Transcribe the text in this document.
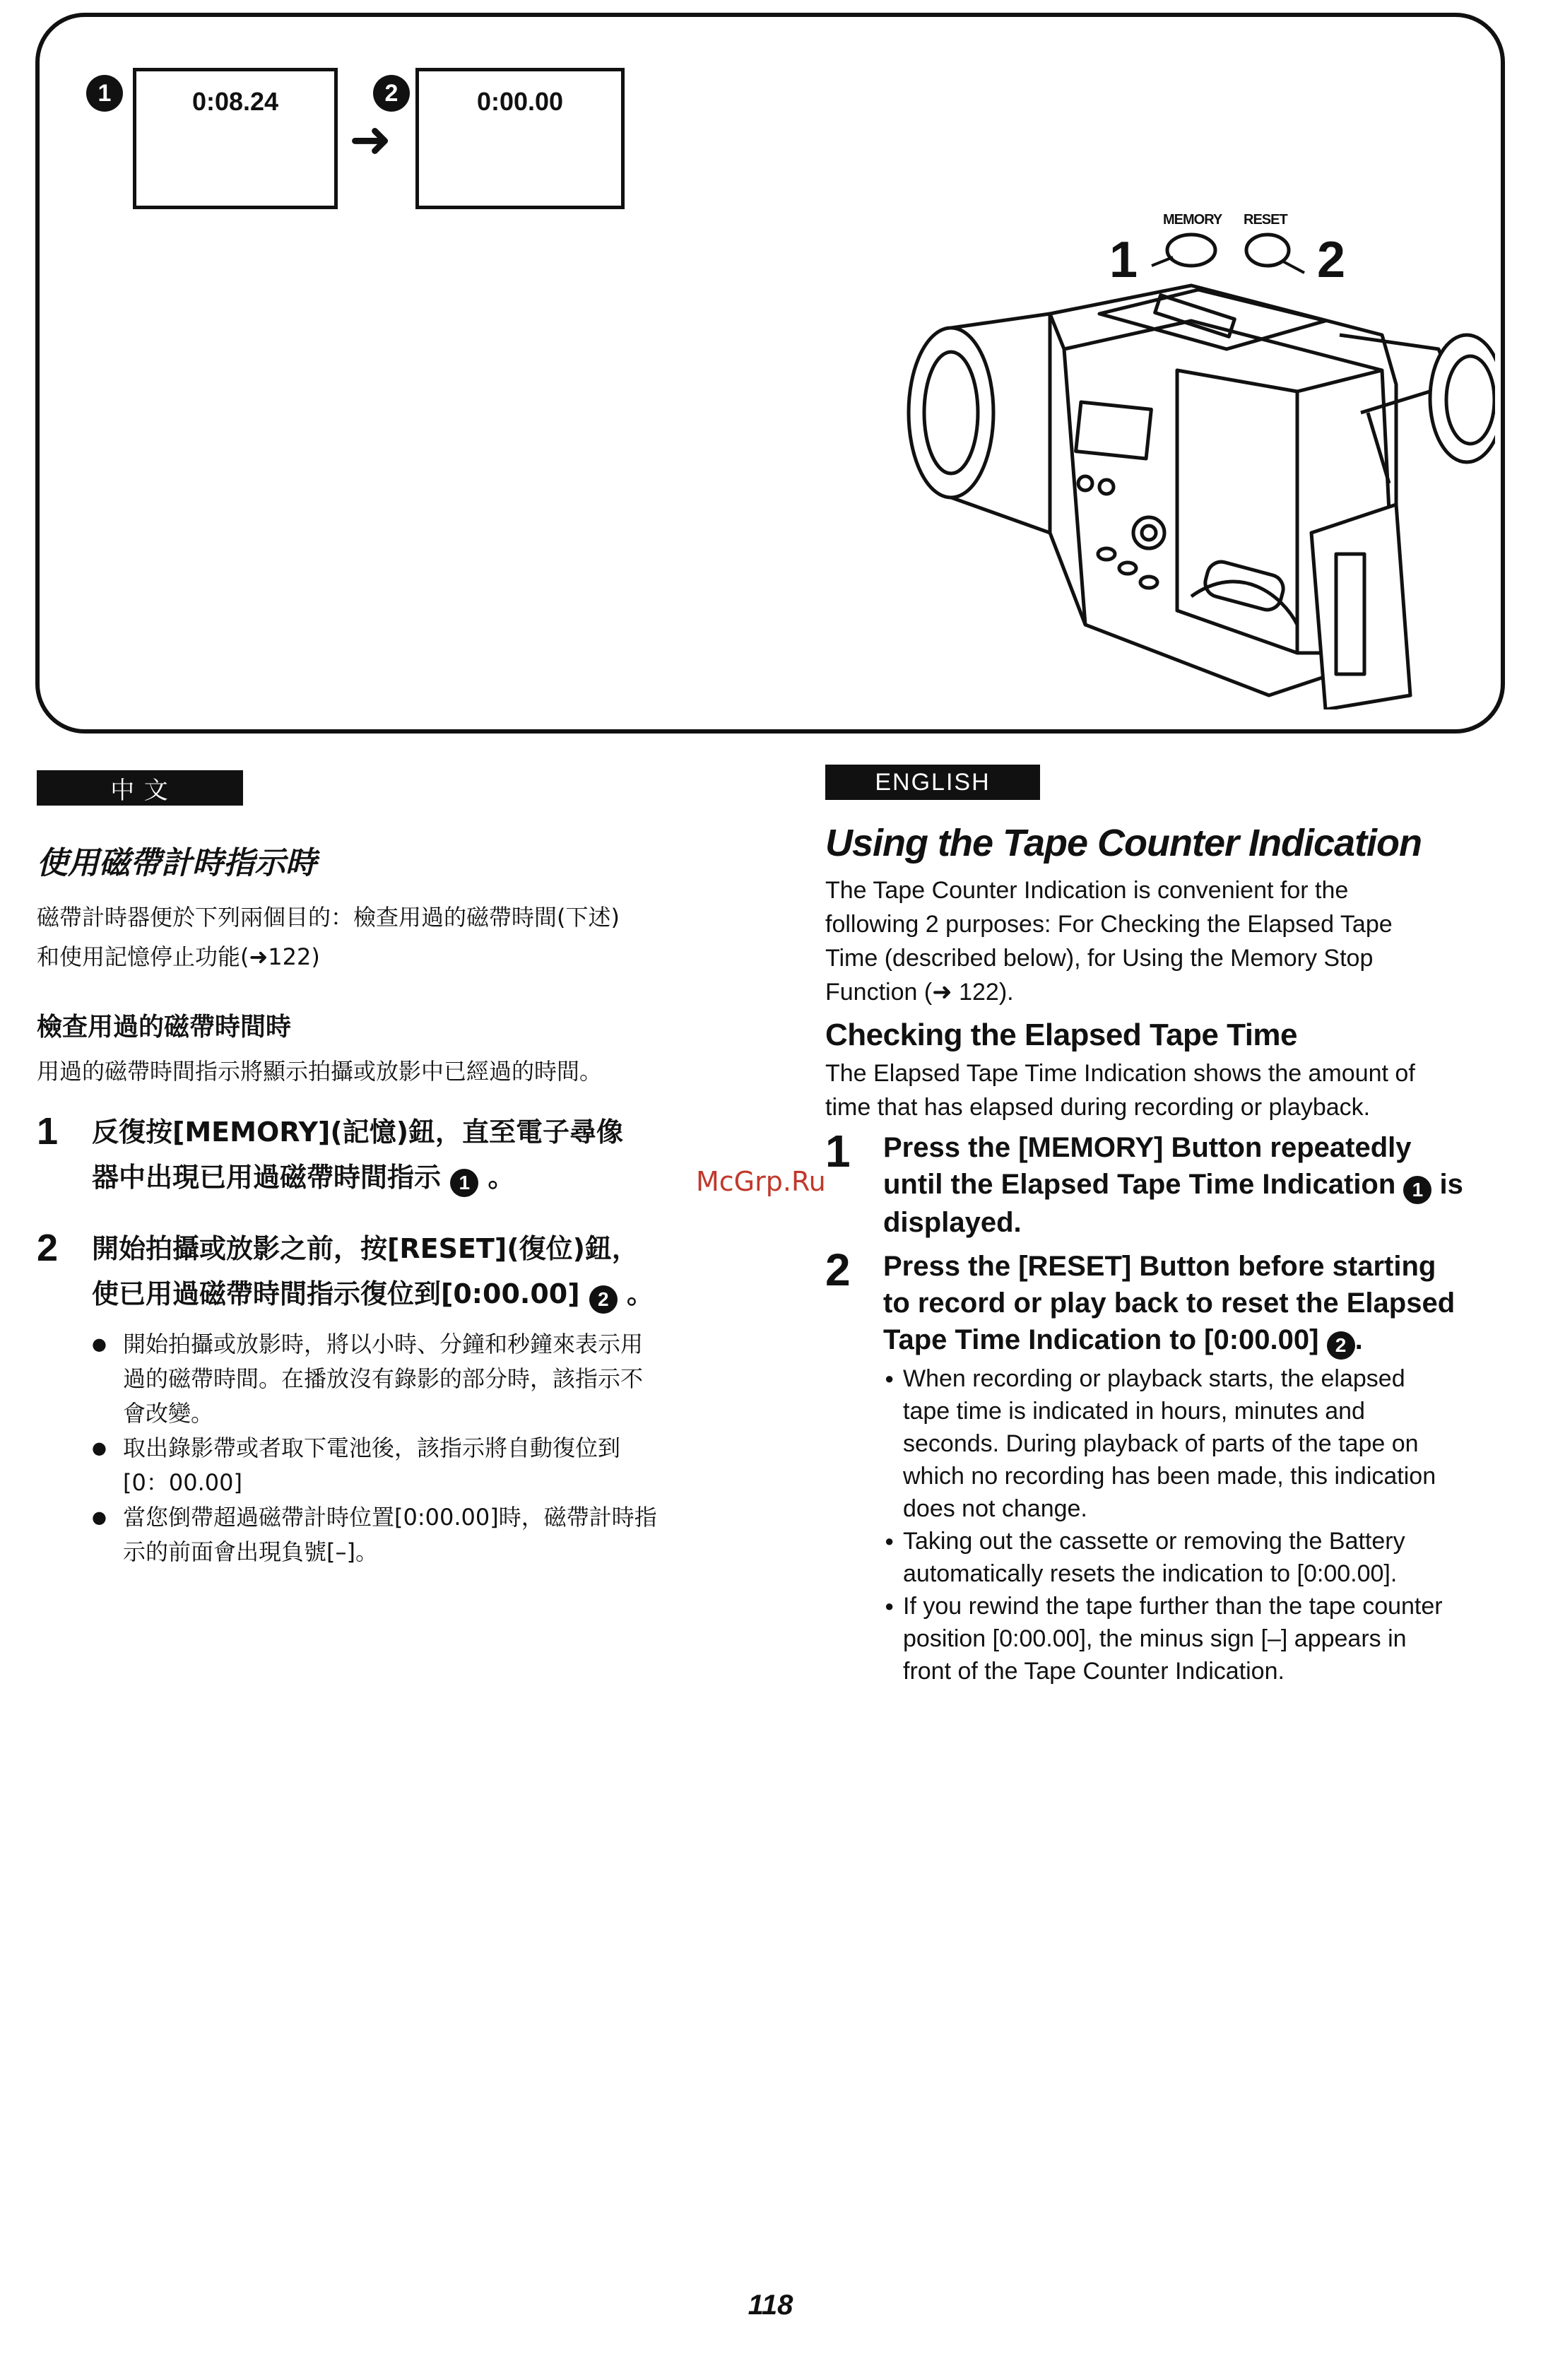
1	0:08.24
➜
2	0:00.00
MEMORY RESET
1	2
中 文	ENGLISH
使用磁帶計時指示時
磁帶計時器便於下列兩個目的：檢查用過的磁帶時間(下述)
和使用記憶停止功能(➜122)
檢查用過的磁帶時間時
用過的磁帶時間指示將顯示拍攝或放影中已經過的時間。
1 反復按[MEMORY](記憶)鈕，直至電子尋像
器中出現已用過磁帶時間指示 1 。
2 開始拍攝或放影之前，按[RESET](復位)鈕，
使已用過磁帶時間指示復位到[0:00.00] 2 。
● 開始拍攝或放影時，將以小時、分鐘和秒鐘來表示用
過的磁帶時間。在播放沒有錄影的部分時，該指示不
會改變。
● 取出錄影帶或者取下電池後，該指示將自動復位到
[0：00.00]
● 當您倒帶超過磁帶計時位置[0:00.00]時，磁帶計時指
示的前面會出現負號[–]。
Using the Tape Counter Indication
The Tape Counter Indication is convenient for the
following 2 purposes: For Checking the Elapsed Tape
Time (described below), for Using the Memory Stop
Function (➜ 122).
Checking the Elapsed Tape Time
The Elapsed Tape Time Indication shows the amount of
time that has elapsed during recording or playback.
1 Press the [MEMORY] Button repeatedly
until the Elapsed Tape Time Indication 1 is
displayed.
2 Press the [RESET] Button before starting
to record or play back to reset the Elapsed
Tape Time Indication to [0:00.00] 2 .
● When recording or playback starts, the elapsed
tape time is indicated in hours, minutes and
seconds. During playback of parts of the tape on
which no recording has been made, this indication
does not change.
● Taking out the cassette or removing the Battery
automatically resets the indication to [0:00.00].
● If you rewind the tape further than the tape counter
position [0:00.00], the minus sign [–] appears in
front of the Tape Counter Indication.
McGrp.Ru
118
